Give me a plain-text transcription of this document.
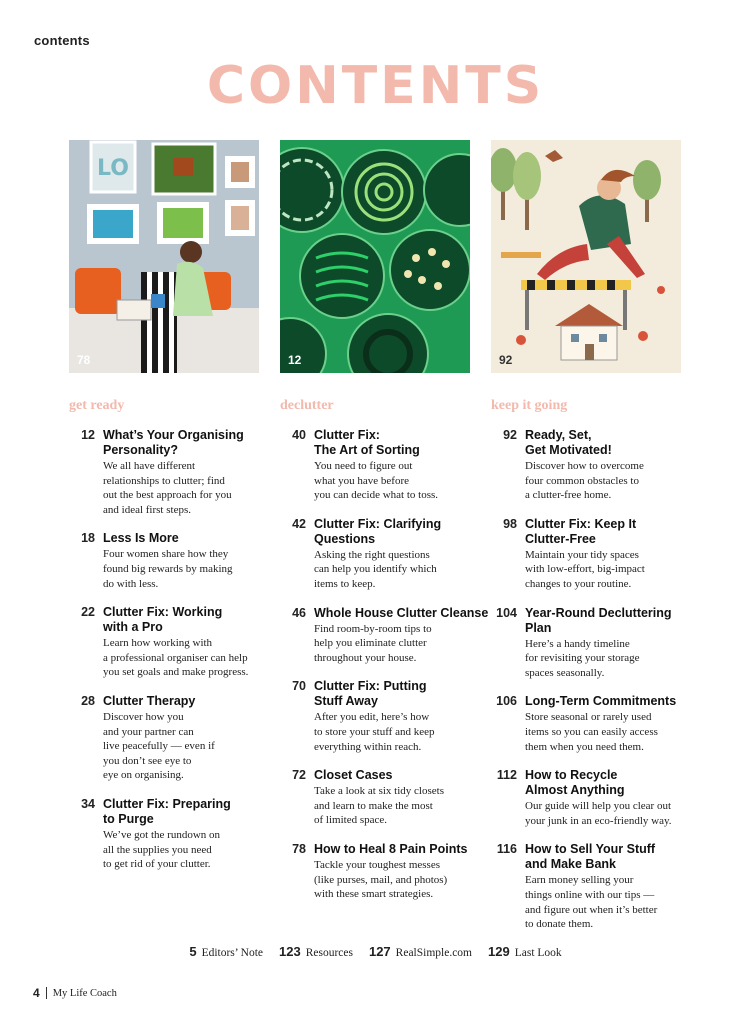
contents
CONTENTS
LO
78	12	92
get ready
12 What’s Your Organising
Personality?
We all have different
relationships to clutter; find
out the best approach for you
and ideal first steps.
18 Less Is More
Four women share how they
found big rewards by making
do with less.
22 Clutter Fix: Working
with a Pro
Learn how working with
a professional organiser can help
you set goals and make progress.
28 Clutter Therapy
Discover how you
and your partner can
live peacefully — even if
you don’t see eye to
eye on organising.
34 Clutter Fix: Preparing
to Purge
We’ve got the rundown on
all the supplies you need
to get rid of your clutter.
declutter
40 Clutter Fix:
The Art of Sorting
You need to figure out
what you have before
you can decide what to toss.
42 Clutter Fix: Clarifying
Questions
Asking the right questions
can help you identify which
items to keep.
46 Whole House Clutter Cleanse
Find room-by-room tips to
help you eliminate clutter
throughout your house.
70 Clutter Fix: Putting
Stuff Away
After you edit, here’s how
to store your stuff and keep
everything within reach.
72 Closet Cases
Take a look at six tidy closets
and learn to make the most
of limited space.
78 How to Heal 8 Pain Points
Tackle your toughest messes
(like purses, mail, and photos)
with these smart strategies.
keep it going
92 Ready, Set,
Get Motivated!
Discover how to overcome
four common obstacles to
a clutter-free home.
98 Clutter Fix: Keep It
Clutter-Free
Maintain your tidy spaces
with low-effort, big-impact
changes to your routine.
104 Year-Round Decluttering Plan
Here’s a handy timeline
for revisiting your storage
spaces seasonally.
106 Long-Term Commitments
Store seasonal or rarely used
items so you can easily access
them when you need them.
112 How to Recycle
Almost Anything
Our guide will help you clear out
your junk in an eco-friendly way.
116 How to Sell Your Stuff
and Make Bank
Earn money selling your
things online with our tips —
and figure out when it’s better
to donate them.
5 Editors’ Note 123 Resources 127 RealSimple.com 129 Last Look
4 My Life Coach
